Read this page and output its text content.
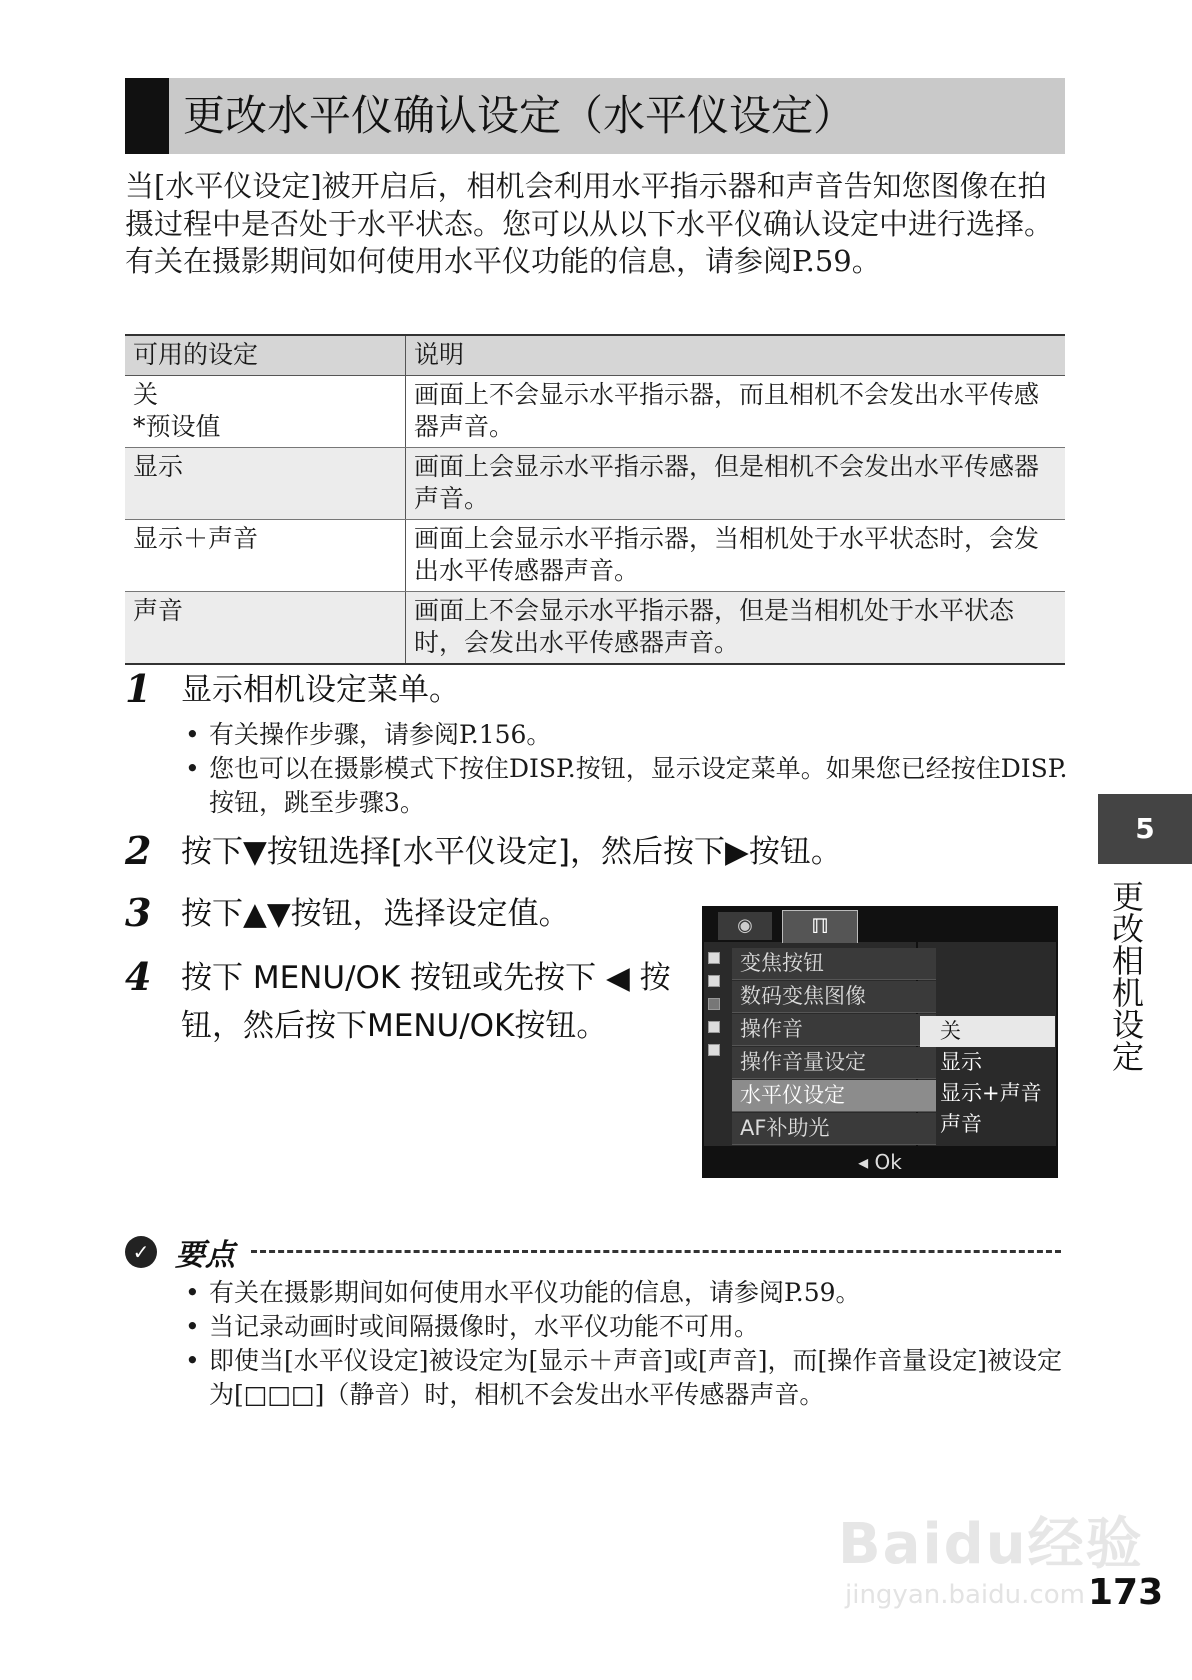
更改水平仪确认设定（水平仪设定）

当[水平仪设定]被开启后，相机会利用水平指示器和声音告知您图像在拍摄过程中是否处于水平状态。您可以从以下水平仪确认设定中进行选择。有关在摄影期间如何使用水平仪功能的信息，请参阅P.59。

可用的设定	说明

关
*预设值	画面上不会显示水平指示器，而且相机不会发出水平传感器声音。
显示	画面上会显示水平指示器，但是相机不会发出水平传感器声音。
显示＋声音	画面上会显示水平指示器，当相机处于水平状态时，会发出水平传感器声音。
声音	画面上不会显示水平指示器，但是当相机处于水平状态时，会发出水平传感器声音。
1 显示相机设定菜单。
• 有关操作步骤，请参阅P.156。
• 您也可以在摄影模式下按住DISP.按钮，显示设定菜单。如果您已经按住DISP.按钮，跳至步骤3。
2 按下▼按钮选择[水平仪设定]，然后按下▶按钮。
3 按下▲▼按钮，选择设定值。
4 按下 MENU/OK 按钮或先按下 ◀ 按
钮，然后按下MENU/OK按钮。
5
更改相机设定
◉	ℿ
变焦按钮
数码变焦图像
操作音
操作音量设定
水平仪设定
AF补助光
关
显示
显示+声音
声音
◂ Ok
✓ 要点
• 有关在摄影期间如何使用水平仪功能的信息，请参阅P.59。
• 当记录动画时或间隔摄像时，水平仪功能不可用。
• 即使当[水平仪设定]被设定为[显示＋声音]或[声音]，而[操作音量设定]被设定为[□□□]（静音）时，相机不会发出水平传感器声音。
Baidu经验
jingyan.baidu.com 173
